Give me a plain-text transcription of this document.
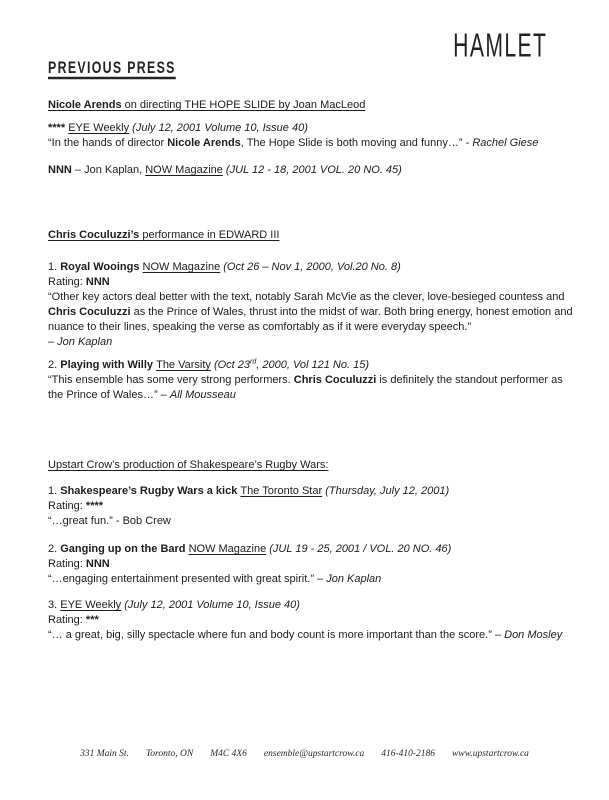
HAMLET
PREVIOUS PRESS
Nicole Arends on directing THE HOPE SLIDE by Joan MacLeod
**** EYE Weekly (July 12, 2001 Volume 10, Issue 40)
“In the hands of director Nicole Arends, The Hope Slide is both moving and funny…” - Rachel Giese
NNN – Jon Kaplan, NOW Magazine (JUL 12 - 18, 2001 VOL. 20 NO. 45)
Chris Coculuzzi’s performance in EDWARD III
1. Royal Wooings NOW Magazine (Oct 26 – Nov 1, 2000, Vol.20 No. 8)
Rating: NNN
“Other key actors deal better with the text, notably Sarah McVie as the clever, love-besieged countess and Chris Coculuzzi as the Prince of Wales, thrust into the midst of war. Both bring energy, honest emotion and nuance to their lines, speaking the verse as comfortably as if it were everyday speech.”
– Jon Kaplan
2. Playing with Willy The Varsity (Oct 23rd, 2000, Vol 121 No. 15)
“This ensemble has some very strong performers. Chris Coculuzzi is definitely the standout performer as the Prince of Wales…” – All Mousseau
Upstart Crow’s production of Shakespeare’s Rugby Wars:
1. Shakespeare’s Rugby Wars a kick The Toronto Star (Thursday, July 12, 2001)
Rating: ****
“…great fun.” - Bob Crew
2. Ganging up on the Bard NOW Magazine (JUL 19 - 25, 2001 / VOL. 20 NO. 46)
Rating: NNN
“…engaging entertainment presented with great spirit.” – Jon Kaplan
3. EYE Weekly (July 12, 2001 Volume 10, Issue 40)
Rating: ***
“… a great, big, silly spectacle where fun and body count is more important than the score.” – Don Mosley
331 Main St. Toronto, ON M4C 4X6 ensemble@upstartcrow.ca 416-410-2186 www.upstartcrow.ca
